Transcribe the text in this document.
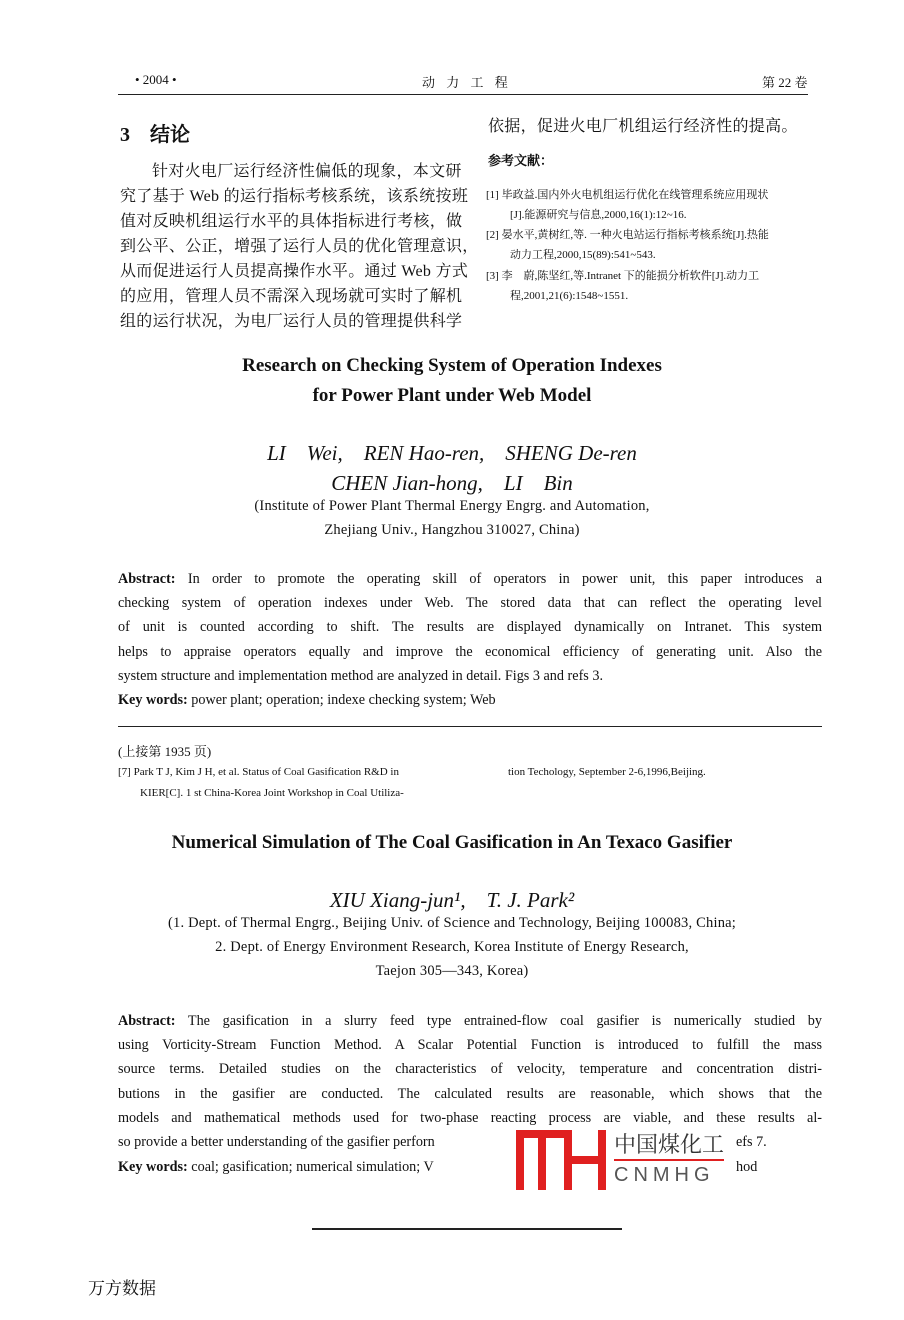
• 2004 •	动 力 工 程	第 22 卷
3　 结论
针对火电厂运行经济性偏低的现象，本文研
究了基于 Web 的运行指标考核系统，该系统按班
值对反映机组运行水平的具体指标进行考核，做
到公平、公正，增强了运行人员的优化管理意识，
从而促进运行人员提高操作水平。通过 Web 方式
的应用，管理人员不需深入现场就可实时了解机
组的运行状况，为电厂运行人员的管理提供科学
依据，促进火电厂机组运行经济性的提高。
参考文献：
[1] 毕政益.国内外火电机组运行优化在线管理系统应用现状
[J].能源研究与信息,2000,16(1):12~16.
[2] 晏水平,黄树红,等. 一种火电站运行指标考核系统[J].热能
动力工程,2000,15(89):541~543.
[3] 李　蔚,陈坚红,等.Intranet 下的能损分析软件[J].动力工
程,2001,21(6):1548~1551.
Research on Checking System of Operation Indexes
for Power Plant under Web Model
LI　Wei,　REN Hao-ren,　SHENG De-ren
CHEN Jian-hong,　LI　Bin
(Institute of Power Plant Thermal Energy Engrg. and Automation,
Zhejiang Univ., Hangzhou 310027, China)
Abstract: In order to promote the operating skill of operators in power unit, this paper introduces a
checking system of operation indexes under Web. The stored data that can reflect the operating level
of unit is counted according to shift. The results are displayed dynamically on Intranet. This system
helps to appraise operators equally and improve the economical efficiency of generating unit. Also the
system structure and implementation method are analyzed in detail. Figs 3 and refs 3.
Key words: power plant; operation; indexe checking system; Web
(上接第 1935 页)
[7] Park T J, Kim J H, et al. Status of Coal Gasification R&D in
KIER[C]. 1 st China-Korea Joint Workshop in Coal Utiliza-
tion Techology, September 2-6,1996,Beijing.
Numerical Simulation of The Coal Gasification in An Texaco Gasifier
XIU Xiang-jun¹,　T. J. Park²
(1. Dept. of Thermal Engrg., Beijing Univ. of Science and Technology, Beijing 100083, China;
2. Dept. of Energy Environment Research, Korea Institute of Energy Research,
Taejon 305—343, Korea)
Abstract: The gasification in a slurry feed type entrained-flow coal gasifier is numerically studied by
using Vorticity-Stream Function Method. A Scalar Potential Function is introduced to fulfill the mass
source terms. Detailed studies on the characteristics of velocity, temperature and concentration distri-
butions in the gasifier are conducted. The calculated results are reasonable, which shows that the
models and mathematical methods used for two-phase reacting process are viable, and these results al-
so provide a better understanding of the gasifier perforn	efs 7.
Key words: coal; gasification; numerical simulation; V	hod
中国煤化工
CNMHG
万方数据
